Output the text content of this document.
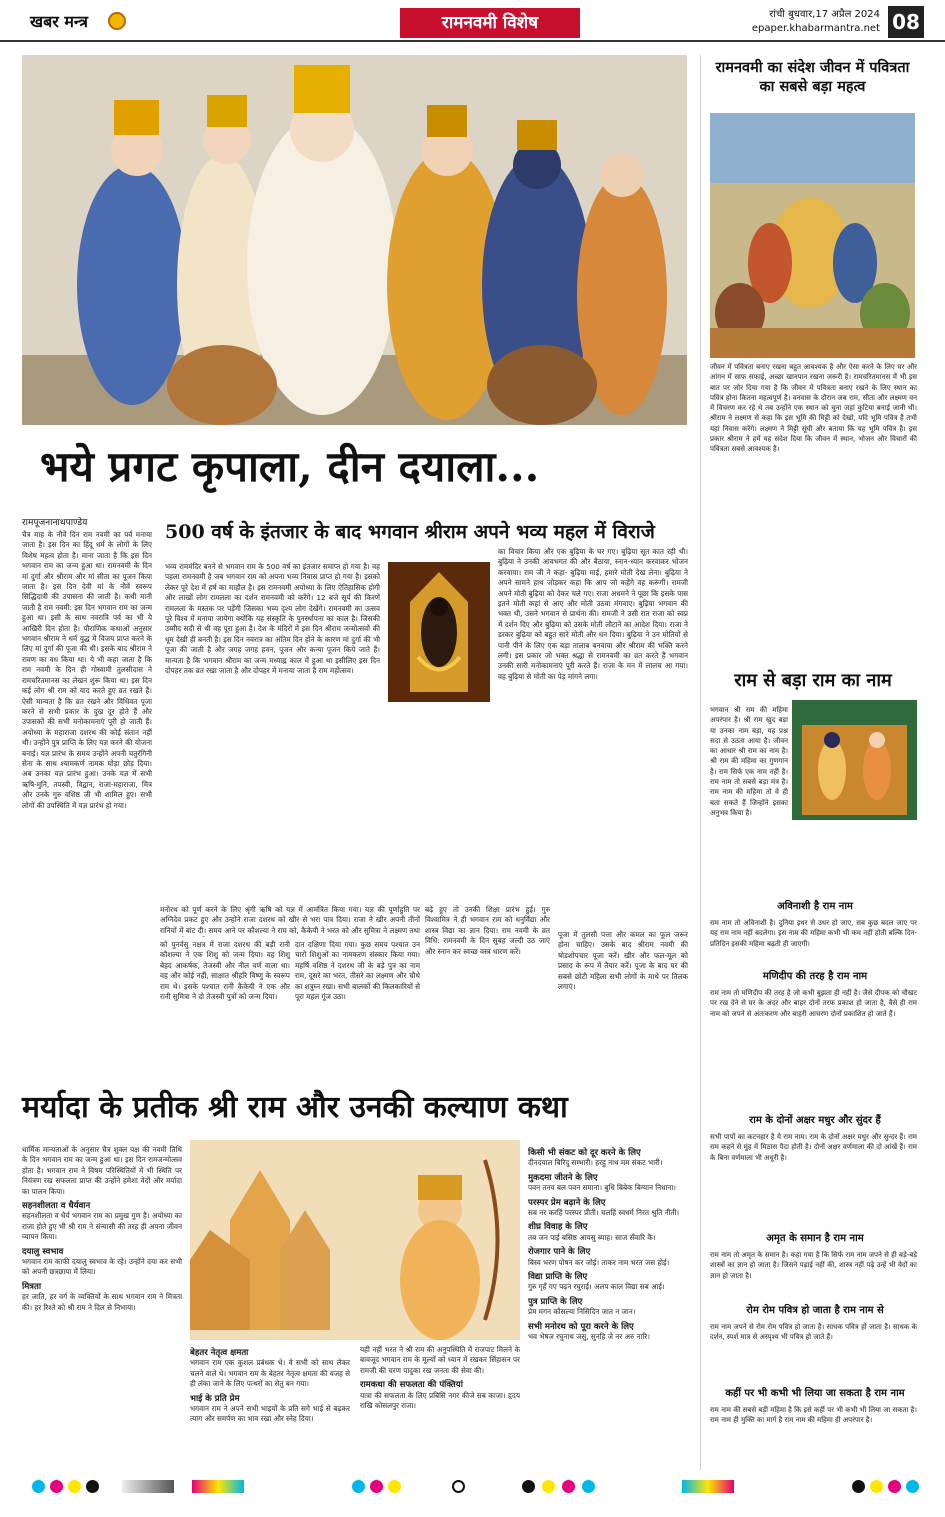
खबर मन्त्र	रामनवमी विशेष	रांची बुधवार,17 अप्रैल 2024
epaper.khabarmantra.net 08
भये प्रगट कृपाला, दीन दयाला...
रामपूजनानाथपाण्डेय	500 वर्ष के इंतजार के बाद भगवान श्रीराम अपने भव्य महल में विराजे

चैत्र माह के नौवें दिन राम नवमी का पर्व मनाया जाता है। इस दिन का हिंदू धर्म के लोगों के लिए विशेष महत्व होता है। माना जाता है कि इस दिन भगवान राम का जन्म हुआ था। रामनवमी के दिन मां दुर्गा और श्रीराम और मां सीता का पूजन किया जाता है। इस दिन देवी मां के नौवें स्वरूप सिद्धिदात्री की उपासना की जाती है। कथी मानी जाती है राम नवमी: इस दिन भगवान राम का जन्म हुआ था। इसी के साथ नवरात्रि पर्व का भी ये आखिरी दिन होता है। पौराणिक कथाओं अनुसार भगवान श्रीराम ने धर्म युद्ध में विजय प्राप्त करने के लिए मां दुर्गा की पूजा की थी। इसके बाद श्रीराम ने रावण का वध किया था। ये भी कहा जाता है कि राम नवमी के दिन ही गोस्वामी तुलसीदास ने रामचरितमानस का लेखन शुरू किया था। इस दिन कई लोग श्री राम को याद करते हुए व्रत रखते हैं। ऐसी मान्यता है कि व्रत रखने और विधिवत पूजा करने से सभी प्रकार के दुख दूर होते हैं और उपासकों की सभी मनोकामनाएं पूरी हो जाती हैं। अयोध्या के महाराजा दशरथ की कोई संतान नहीं थी। उन्होंने पुत्र प्राप्ति के लिए यज्ञ करने की योजना बनाई। यज्ञ प्रारंभ के समय उन्होंने अपनी चतुरंगिनी सेना के साथ श्यामकर्ण नामक घोड़ा छोड़ दिया। अब उनका यज्ञ प्रारंभ हुआ। उनके यज्ञ में सभी ऋषि-मुनि, तपस्वी, विद्वान, राजा-महाराजा, मित्र और उनके गुरु वशिष्ठ जी भी शामिल हुए। सभी लोगों की उपस्थिति में यज्ञ प्रारंभ हो गया।

भव्य राममंदिर बनने से भगवान राम के 500 वर्ष का इंतजार समाप्त हो गया है। वह पहला रामनवमी है जब भगवान राम को अपना भव्य निवास प्राप्त हो गया है। इसको लेकर पूरे देश में हर्ष का माहौल है। इस रामनवमी अयोध्या के लिए ऐतिहासिक होगी और लाखों लोग रामलला का दर्शन रामनवमी को करेंगे। 12 बजे सूर्य की किरणें रामलला के मस्तक पर पड़ेंगी जिसका भव्य दृश्य लोग देखेंगे। रामनवमी का उत्सव पूरे विश्व में मनाया जायेगा क्योंकि यह संस्कृति के पुनर्स्थापना का काल है। जिसकी उम्मीद सदी से थी वह पूरा हुआ है। देश के मंदिरों में इस दिन श्रीराम जन्मोत्सवों की धूम देखी ही बनती है। इस दिन नवरात्र का अंतिम दिन होने के कारण मां दुर्गा की भी पूजा की जाती है और जगह जगह हवन, पूजन और कन्या पूजन किये जाते हैं। मान्यता है कि भगवान श्रीराम का जन्म मध्याह्न काल में हुआ था इसीलिए इस दिन दोपहर तक व्रत रखा जाता है और दोपहर में मनाया जाता है राम महोत्सव।

का विचार किया और एक बुढ़िया के घर गए। बुढ़िया सूत कात रही थी। बुढ़िया ने उनकी आवभगत की और बैठाया, स्नान-ध्यान करवाकर भोजन करवाया। राम जी ने कहा- बुढ़िया माई, हमारे मोती देख लेना। बुढ़िया ने अपने सामने हाथ जोड़कर कहा कि आप जो कहेंगे वह करूंगी। रामजी अपने मोती बुढ़िया को देकर चले गए। राजा अधमने ने पूछा कि इसके पास इतने मोती कहां से आए और मोती उठवा मंगवाए। बुढ़िया भगवान की भक्त थी, उसने भगवान से प्रार्थना की। रामजी ने उसी रात राजा को स्वप्न में दर्शन दिए और बुढ़िया को उसके मोती लौटाने का आदेश दिया। राजा ने डरकर बुढ़िया को बहुत सारे मोती और धन दिया। बुढ़िया ने उन मोतियों से पानी पीने के लिए एक बड़ा तालाब बनवाया और श्रीराम की भक्ति करने लगी। इस प्रकार जो भक्त श्रद्धा से रामनवमी का व्रत करते हैं भगवान उनकी सारी मनोकामनाएं पूरी करते हैं। राजा के मन में लालच आ गया। वह बुढ़िया से मोती का पेड़ मांगने लगा।

को पुनर्वसु नक्षत्र में राजा दशरथ की बड़ी रानी कौशल्या ने एक शिशु को जन्म दिया। वह शिशु बेहद आकर्षक, तेजस्वी और नील वर्ण वाला था। वह और कोई नहीं, साक्षात श्रीहरि विष्णु के स्वरूप राम थे। इसके पश्चात रानी कैकेयी ने एक और रानी सुमित्रा ने दो तेजस्वी पुत्रों को जन्म दिया।

दान दक्षिणा दिया गया। कुछ समय पश्चात उन चारों शिशुओं का नामकरण संस्कार किया गया। महर्षि वशिष्ठ ने दशरथ जी के बड़े पुत्र का नाम राम, दूसरे का भरत, तीसरे का लक्ष्मण और चौथे का शत्रुघ्न रखा। सभी बालकों की किलकारियों से पूरा महल गूंज उठा।

बढ़े हुए तो उनकी शिक्षा प्रारंभ हुई। गुरु विश्वामित्र ने ही भगवान राम को धनुर्विद्या और शास्त्र विद्या का ज्ञान दिया। राम नवमी के व्रत विधि: रामनवमी के दिन सुबह जल्दी उठ जाएं और स्नान कर स्वच्छ वस्त्र धारण करें।

पूजा में तुलसी पत्ता और कमल का फूल जरूर होना चाहिए। उसके बाद श्रीराम नवमी की षोडशोपचार पूजा करें। खीर और फल-मूल को प्रसाद के रूप में तैयार करें। पूजा के बाद घर की सबसे छोटी महिला सभी लोगों के माथे पर तिलक लगाएं।

मनोरथ को पूर्ण करने के लिए श्रृंगी ऋषि को यज्ञ में आमंत्रित किया गया। यज्ञ की पूर्णाहुति पर अग्निदेव प्रकट हुए और उन्होंने राजा दशरथ को खीर से भरा पात्र दिया। राजा ने खीर अपनी तीनों रानियों में बांट दी। समय आने पर कौशल्या ने राम को, कैकेयी ने भरत को और सुमित्रा ने लक्ष्मण तथा

रामनवमी का संदेश जीवन में पवित्रता का सबसे बड़ा महत्व

जीवन में पवित्रता बनाए रखना बहुत आवश्यक है और ऐसा करने के लिए घर और आंगन में साफ सफाई, अच्छा खानपान रखना जरूरी है। रामचरितमानस में भी इस बात पर जोर दिया गया है कि जीवन में पवित्रता बनाए रखने के लिए स्थान का पवित्र होना कितना महत्वपूर्ण है। वनवास के दौरान जब राम, सीता और लक्ष्मण वन में विचरण कर रहे थे तब उन्होंने एक स्थान को चुना जहां कुटिया बनाई जानी थी। श्रीराम ने लक्ष्मण से कहा कि इस भूमि की मिट्टी को देखो, यदि भूमि पवित्र है तभी यहां निवास करेंगे। लक्ष्मण ने मिट्टी सूंघी और बताया कि यह भूमि पवित्र है। इस प्रकार श्रीराम ने हमें यह संदेश दिया कि जीवन में स्थान, भोजन और विचारों की पवित्रता सबसे आवश्यक है।

राम से बड़ा राम का नाम

भगवान श्री राम की महिमा अपरंपार है। श्री राम खुद बड़ा या उनका नाम बड़ा, यह प्रश्न सदा से उठता आया है। जीवन का आधार श्री राम का नाम है। श्री राम की महिमा का गुणगान है। राम सिर्फ एक नाम नहीं है। राम नाम तो सबसे बड़ा मंत्र है। राम नाम की महिमा तो वे ही बता सकते हैं जिन्होंने इसका अनुभव किया है।

अविनाशी है राम नाम

राम नाम तो अविनाशी है। दुनिया इधर से उधर हो जाए, सब कुछ बदल जाए पर यह राम नाम नहीं बदलेगा। इस नाम की महिमा कभी भी कम नहीं होती बल्कि दिन-प्रतिदिन इसकी महिमा बढ़ती ही जाएगी।

मणिदीप की तरह है राम नाम

राम नाम तो मणिदीप की तरह है जो कभी बुझता ही नहीं है। जैसे दीपक को चौखट पर रख देने से घर के अंदर और बाहर दोनों तरफ प्रकाश हो जाता है, वैसे ही राम नाम को जपने से अंतःकरण और बाहरी आचरण दोनों प्रकाशित हो जाते हैं।

राम के दोनों अक्षर मधुर और सुंदर हैं

सभी पापों का कटनहार है ये राम नाम। राम के दोनों अक्षर मधुर और सुन्दर हैं। राम राम कहने से मुंह में मिठास पैदा होती है। दोनों अक्षर वर्णमाला की दो आंखें हैं। राम के बिना वर्णमाला भी अधूरी है।

अमृत के समान है राम नाम

राम नाम तो अमृत के समान है। कहा गया है कि सिर्फ राम नाम जपने से ही बड़े-बड़े शास्त्रों का ज्ञान हो जाता है। जिसने पढ़ाई नहीं की, शास्त्र नहीं पढ़े उन्हें भी वेदों का ज्ञान हो जाता है।

रोम रोम पवित्र हो जाता है राम नाम से

राम नाम जपने से रोम रोम पवित्र हो जाता है। साधक पवित्र हो जाता है। साधक के दर्शन, स्पर्श मात्र से अस्पृश्य भी पवित्र हो जाते हैं।

कहीं पर भी कभी भी लिया जा सकता है राम नाम

राम नाम की सबसे बड़ी महिमा है कि इसे कहीं पर भी कभी भी लिया जा सकता है। राम नाम ही मुक्ति का मार्ग है राम नाम की महिमा ही अपरंपार है।

मर्यादा के प्रतीक श्री राम और उनकी कल्याण कथा

धार्मिक मान्यताओं के अनुसार चैत्र शुक्ल पक्ष की नवमी तिथि के दिन भगवान राम का जन्म हुआ था। इस दिन रामजन्मोत्सव होता है। भगवान राम ने विषम परिस्थितियों में भी स्थिति पर नियंत्रण रख सफलता प्राप्त की उन्होंने हमेशा वेदों और मर्यादा का पालन किया।

सहनशीलता व धैर्यवान

सहनशीलता व धैर्य भगवान राम का प्रमुख गुण है। अयोध्या का राजा होते हुए भी श्री राम ने संन्यासी की तरह ही अपना जीवन व्यापन किया।

दयालु स्वभाव

भगवान राम काफी दयालु स्वभाव के रहे। उन्होंने दया कर सभी को अपनी छत्रछाया में लिया।

मित्रता

हर जाति, हर वर्ग के व्यक्तियों के साथ भगवान राम ने मित्रता की। हर रिश्ते को श्री राम ने दिल से निभाया।

बेहतर नेतृत्व क्षमता

भगवान राम एक कुशल प्रबंधक थे। वे सभी को साथ लेकर चलने वाले थे। भगवान राम के बेहतर नेतृत्व क्षमता की वजह से ही लंका जाने के लिए पत्थरों का सेतु बन गया।

भाई के प्रति प्रेम

भगवान राम ने अपने सभी भाइयों के प्रति सगे भाई से बढ़कर त्याग और समर्पण का भाव रखा और स्नेह दिया।

यही नहीं भरत ने श्री राम की अनुपस्थिति में राजपाट मिलने के बावजूद भगवान राम के मूल्यों को ध्यान में रखकर सिंहासन पर रामजी की चरण पादुका रख जनता की सेवा की।

रामकथा की सफलता की पंक्तियां

यात्रा की सफलता के लिए प्रबिसि नगर कीजे सब काजा। हृदय राखि कोसलपुर राजा।

किसी भी संकट को दूर करने के लिए

दीनदयाल बिरिदु सम्भारी। हरहु नाथ मम संकट भारी।

मुकदमा जीतने के लिए

पवन तनय बल पवन समाना। बुधि बिबेक बिग्यान निधाना।

परस्पर प्रेम बढ़ाने के लिए

सब नर करहिं परस्पर प्रीती। चलहिं स्वधर्म निरत श्रुति नीती।

शीघ्र विवाह के लिए

तब जन पाई बसिष्ठ आयसु ब्याह। साज सँवारि कै।

रोजगार पाने के लिए

बिस्व भरण पोषन कर जोई। ताकर नाम भरत जस होई।

विद्या प्राप्ति के लिए

गुरु गृहँ गए पढ़न रघुराई। अलप काल विद्या सब आई।

पुत्र प्राप्ति के लिए

प्रेम मगन कौसल्या निसिदिन जात न जान।

सभी मनोरथ को पूरा करने के लिए

भव भेषज रघुनाथ जसु, सुनहि जे नर अरु नारि।
